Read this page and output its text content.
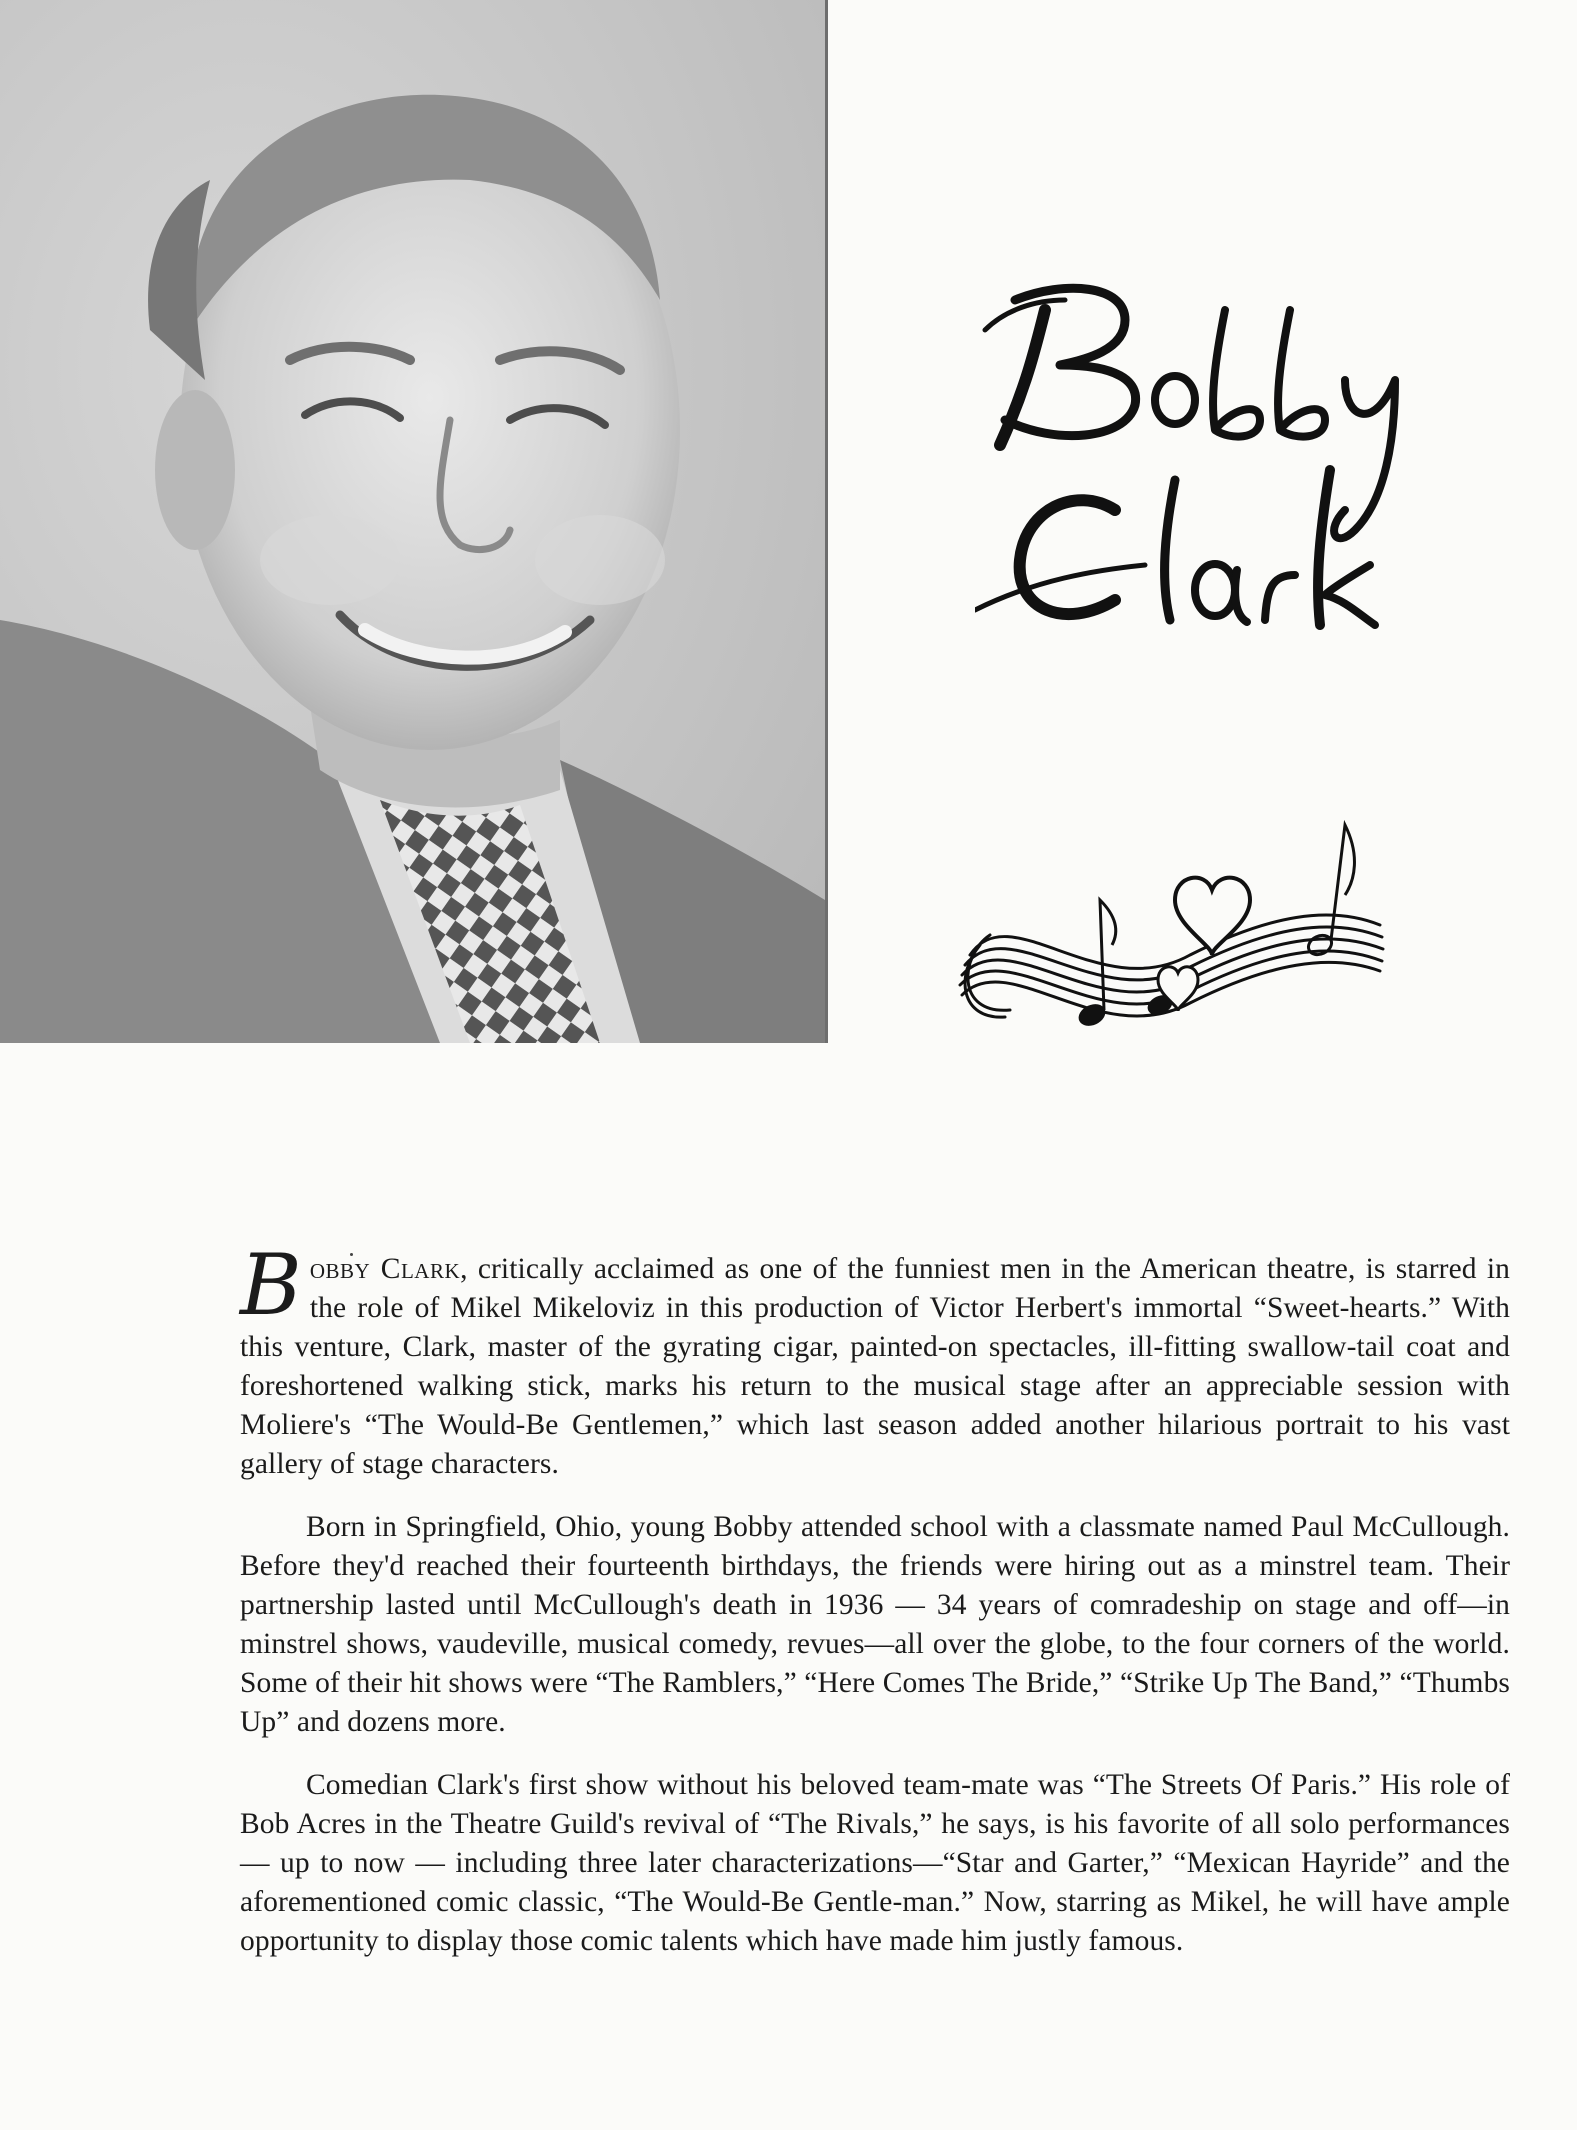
Bobby Clark, critically acclaimed as one of the funniest men in the American theatre, is starred in the role of Mikel Mikeloviz in this production of Victor Herbert's immortal “Sweet-hearts.” With this venture, Clark, master of the gyrating cigar, painted-on spectacles, ill-fitting swallow-tail coat and foreshortened walking stick, marks his return to the musical stage after an appreciable session with Moliere's “The Would-Be Gentlemen,” which last season added another hilarious portrait to his vast gallery of stage characters.

Born in Springfield, Ohio, young Bobby attended school with a classmate named Paul McCullough. Before they'd reached their fourteenth birthdays, the friends were hiring out as a minstrel team. Their partnership lasted until McCullough's death in 1936 — 34 years of comradeship on stage and off—in minstrel shows, vaudeville, musical comedy, revues—all over the globe, to the four corners of the world. Some of their hit shows were “The Ramblers,” “Here Comes The Bride,” “Strike Up The Band,” “Thumbs Up” and dozens more.

Comedian Clark's first show without his beloved team-mate was “The Streets Of Paris.” His role of Bob Acres in the Theatre Guild's revival of “The Rivals,” he says, is his favorite of all solo performances — up to now — including three later characterizations—“Star and Garter,” “Mexican Hayride” and the aforementioned comic classic, “The Would-Be Gentle-man.” Now, starring as Mikel, he will have ample opportunity to display those comic talents which have made him justly famous.
